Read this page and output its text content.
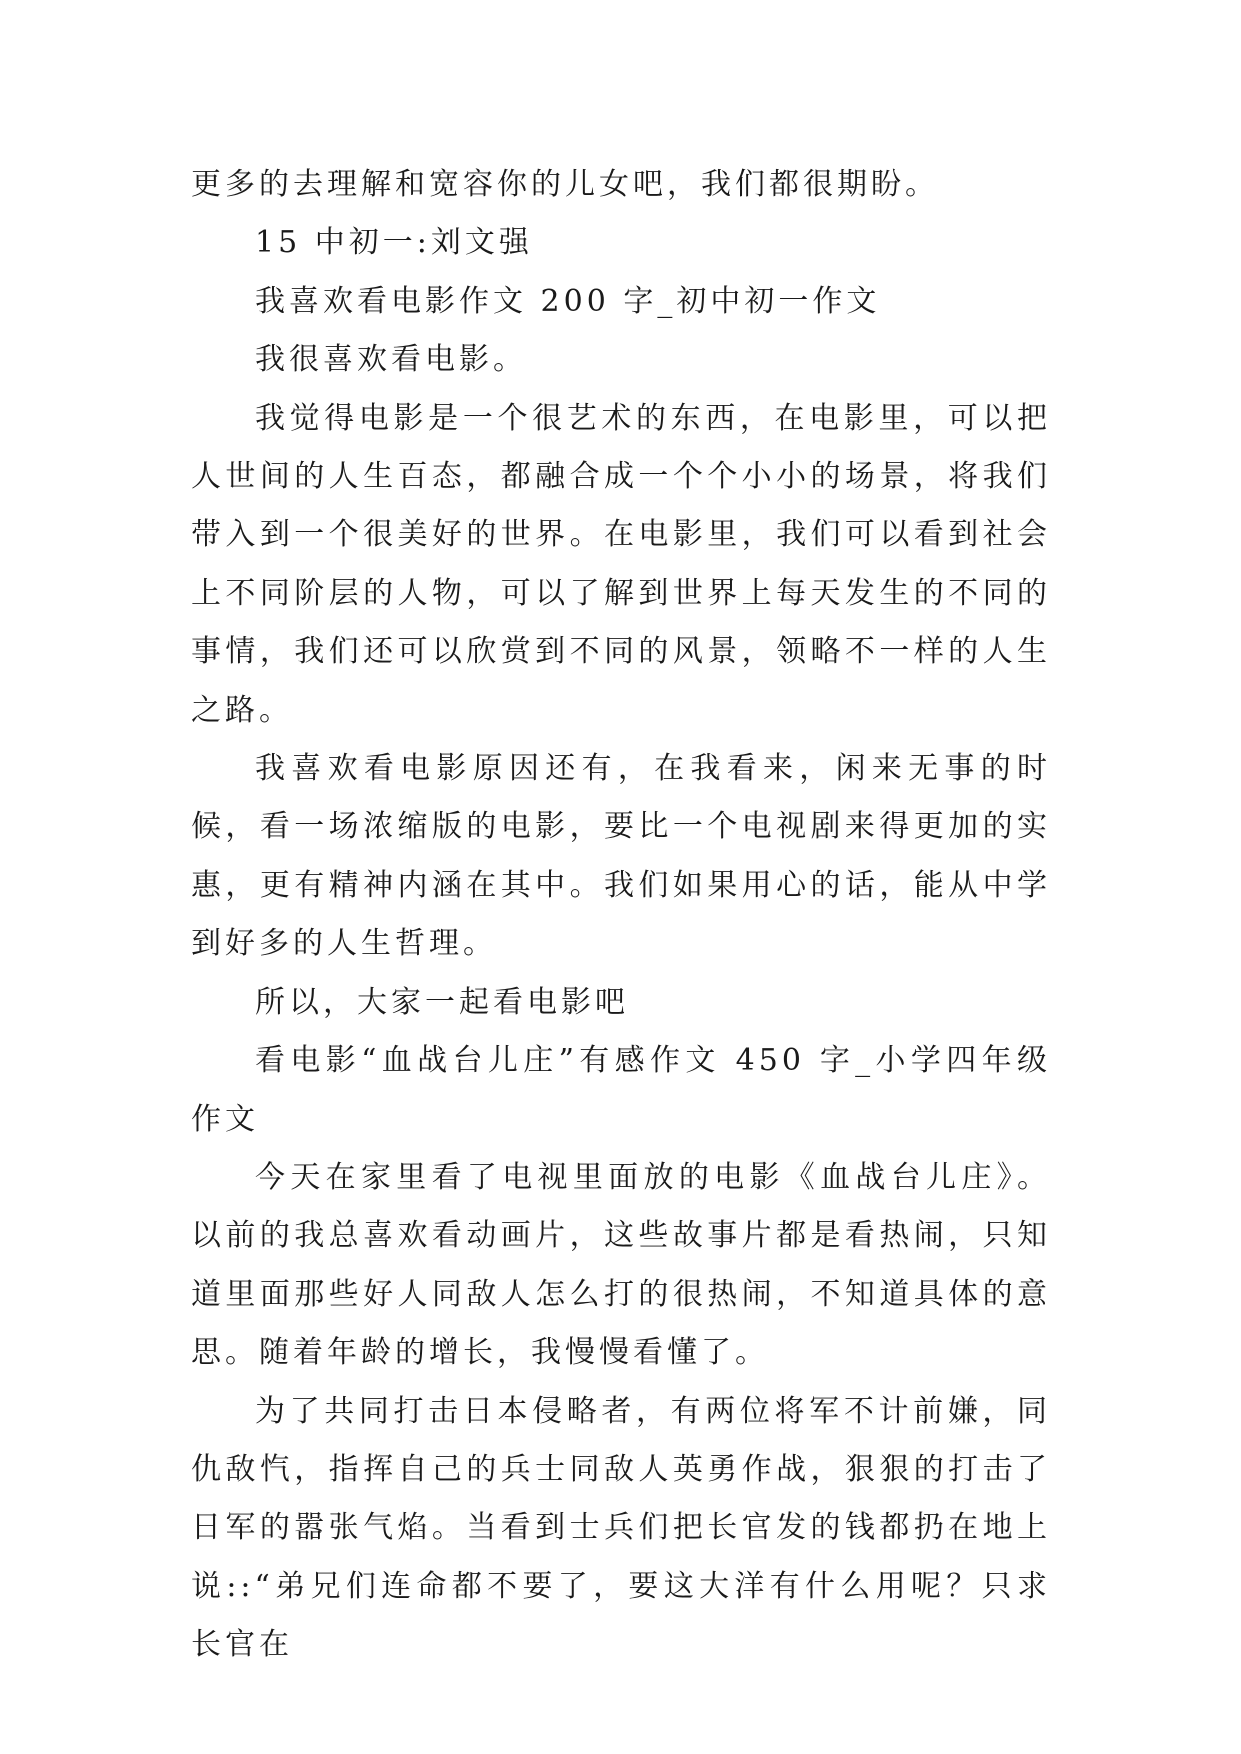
更多的去理解和宽容你的儿女吧，我们都很期盼。

15 中初一:刘文强

我喜欢看电影作文 200 字_初中初一作文

我很喜欢看电影。

我觉得电影是一个很艺术的东西，在电影里，可以把人世间的人生百态，都融合成一个个小小的场景，将我们带入到一个很美好的世界。在电影里，我们可以看到社会上不同阶层的人物，可以了解到世界上每天发生的不同的事情，我们还可以欣赏到不同的风景，领略不一样的人生之路。

我喜欢看电影原因还有，在我看来，闲来无事的时候，看一场浓缩版的电影，要比一个电视剧来得更加的实惠，更有精神内涵在其中。我们如果用心的话，能从中学到好多的人生哲理。

所以，大家一起看电影吧

看电影“血战台儿庄”有感作文 450 字_小学四年级作文

今天在家里看了电视里面放的电影《血战台儿庄》。以前的我总喜欢看动画片，这些故事片都是看热闹，只知道里面那些好人同敌人怎么打的很热闹，不知道具体的意思。随着年龄的增长，我慢慢看懂了。

为了共同打击日本侵略者，有两位将军不计前嫌，同仇敌忾，指挥自己的兵士同敌人英勇作战，狠狠的打击了日军的嚣张气焰。当看到士兵们把长官发的钱都扔在地上说::“弟兄们连命都不要了，要这大洋有什么用呢？只求长官在
